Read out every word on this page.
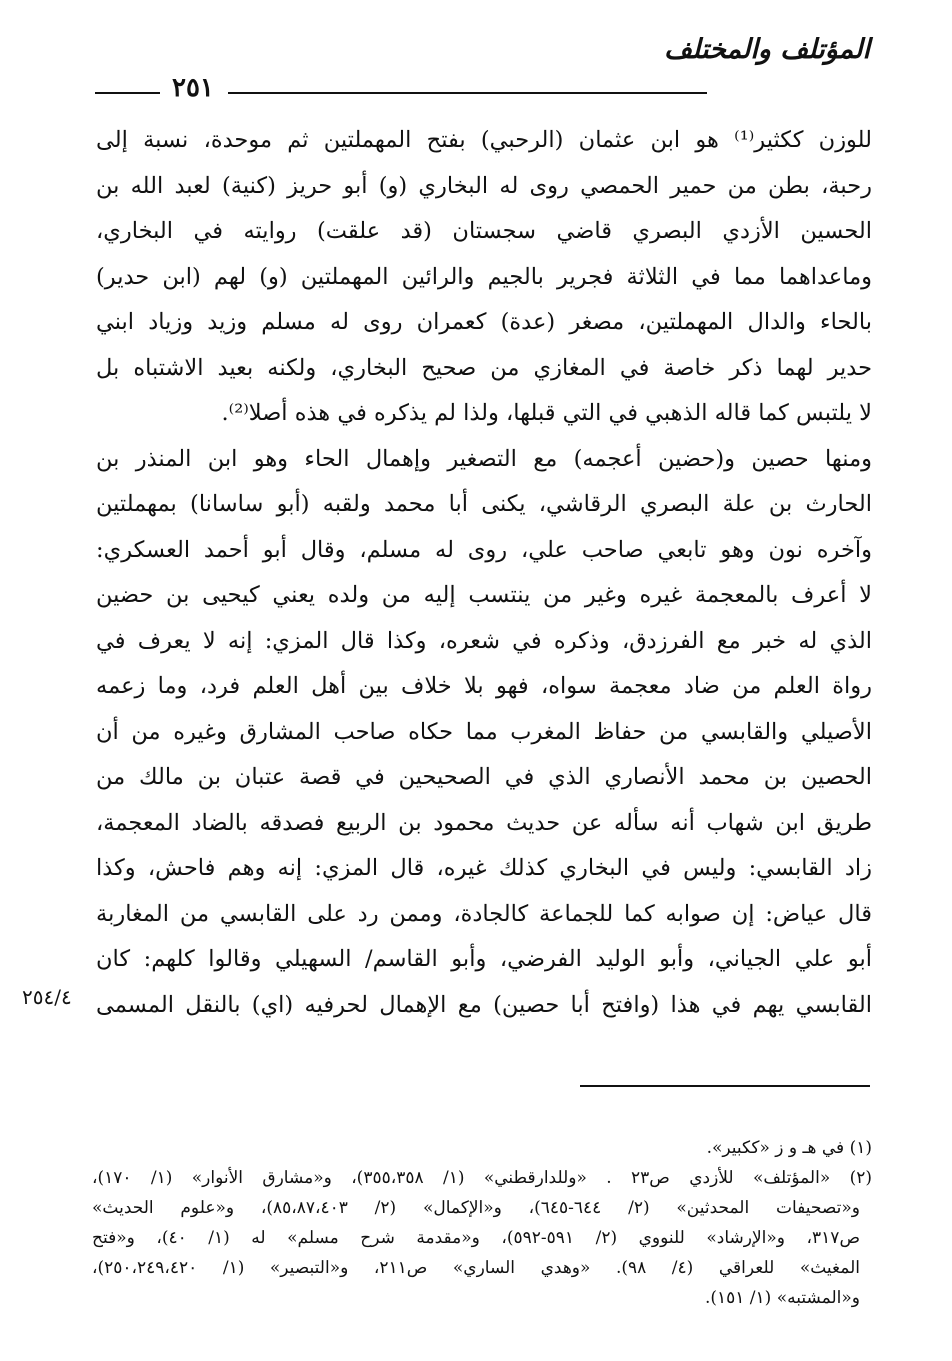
المؤتلف والمختلف
٢٥١
للوزن ككثير⁽¹⁾ هو ابن عثمان (الرحبي) بفتح المهملتين ثم موحدة، نسبة إلى
رحبة، بطن من حمير الحمصي روى له البخاري (و) أبو حريز (كنية) لعبد الله بن
الحسين الأزدي البصري قاضي سجستان (قد علقت) روايته في البخاري،
وماعداهما مما في الثلاثة فجرير بالجيم والرائين المهملتين (و) لهم (ابن حدير)
بالحاء والدال المهملتين، مصغر (عدة) كعمران روى له مسلم وزيد وزياد ابني
حدير لهما ذكر خاصة في المغازي من صحيح البخاري، ولكنه بعيد الاشتباه بل
لا يلتبس كما قاله الذهبي في التي قبلها، ولذا لم يذكره في هذه أصلا⁽²⁾.
ومنها حصين و(حضين أعجمه) مع التصغير وإهمال الحاء وهو ابن المنذر بن
الحارث بن علة البصري الرقاشي، يكنى أبا محمد ولقبه (أبو ساسانا) بمهملتين
وآخره نون وهو تابعي صاحب علي، روى له مسلم، وقال أبو أحمد العسكري:
لا أعرف بالمعجمة غيره وغير من ينتسب إليه من ولده يعني كيحيى بن حضين
الذي له خبر مع الفرزدق، وذكره في شعره، وكذا قال المزي: إنه لا يعرف في
رواة العلم من ضاد معجمة سواه، فهو بلا خلاف بين أهل العلم فرد، وما زعمه
الأصيلي والقابسي من حفاظ المغرب مما حكاه صاحب المشارق وغيره من أن
الحصين بن محمد الأنصاري الذي في الصحيحين في قصة عتبان بن مالك من
طريق ابن شهاب أنه سأله عن حديث محمود بن الربيع فصدقه بالضاد المعجمة،
زاد القابسي: وليس في البخاري كذلك غيره، قال المزي: إنه وهم فاحش، وكذا
قال عياض: إن صوابه كما للجماعة كالجادة، وممن رد على القابسي من المغاربة
أبو علي الجياني، وأبو الوليد الفرضي، وأبو القاسم/ السهيلي وقالوا كلهم: كان
القابسي يهم في هذا (وافتح أبا حصين) مع الإهمال لحرفيه (اي) بالنقل المسمى
٢٥٤/٤
(١) في هـ و ز «ككبير».
(٢) «المؤتلف» للأزدي ص٢٣ . «وللدارقطني» (١/ ٣٥٥،٣٥٨)، و«مشارق الأنوار» (١/ ١٧٠)،
و«تصحيفات المحدثين» (٢/ ٦٤٤-٦٤٥)، و«الإكمال» (٢/ ٨٥،٨٧،٤٠٣)، و«علوم الحديث»
ص٣١٧، و«الإرشاد» للنووي (٢/ ٥٩١-٥٩٢)، و«مقدمة شرح مسلم» له (١/ ٤٠)، و«فتح
المغيث» للعراقي (٤/ ٩٨). «وهدي الساري» ص٢١١، و«التبصير» (١/ ٢٥٠،٢٤٩،٤٢٠)،
و«المشتبه» (١/ ١٥١).
